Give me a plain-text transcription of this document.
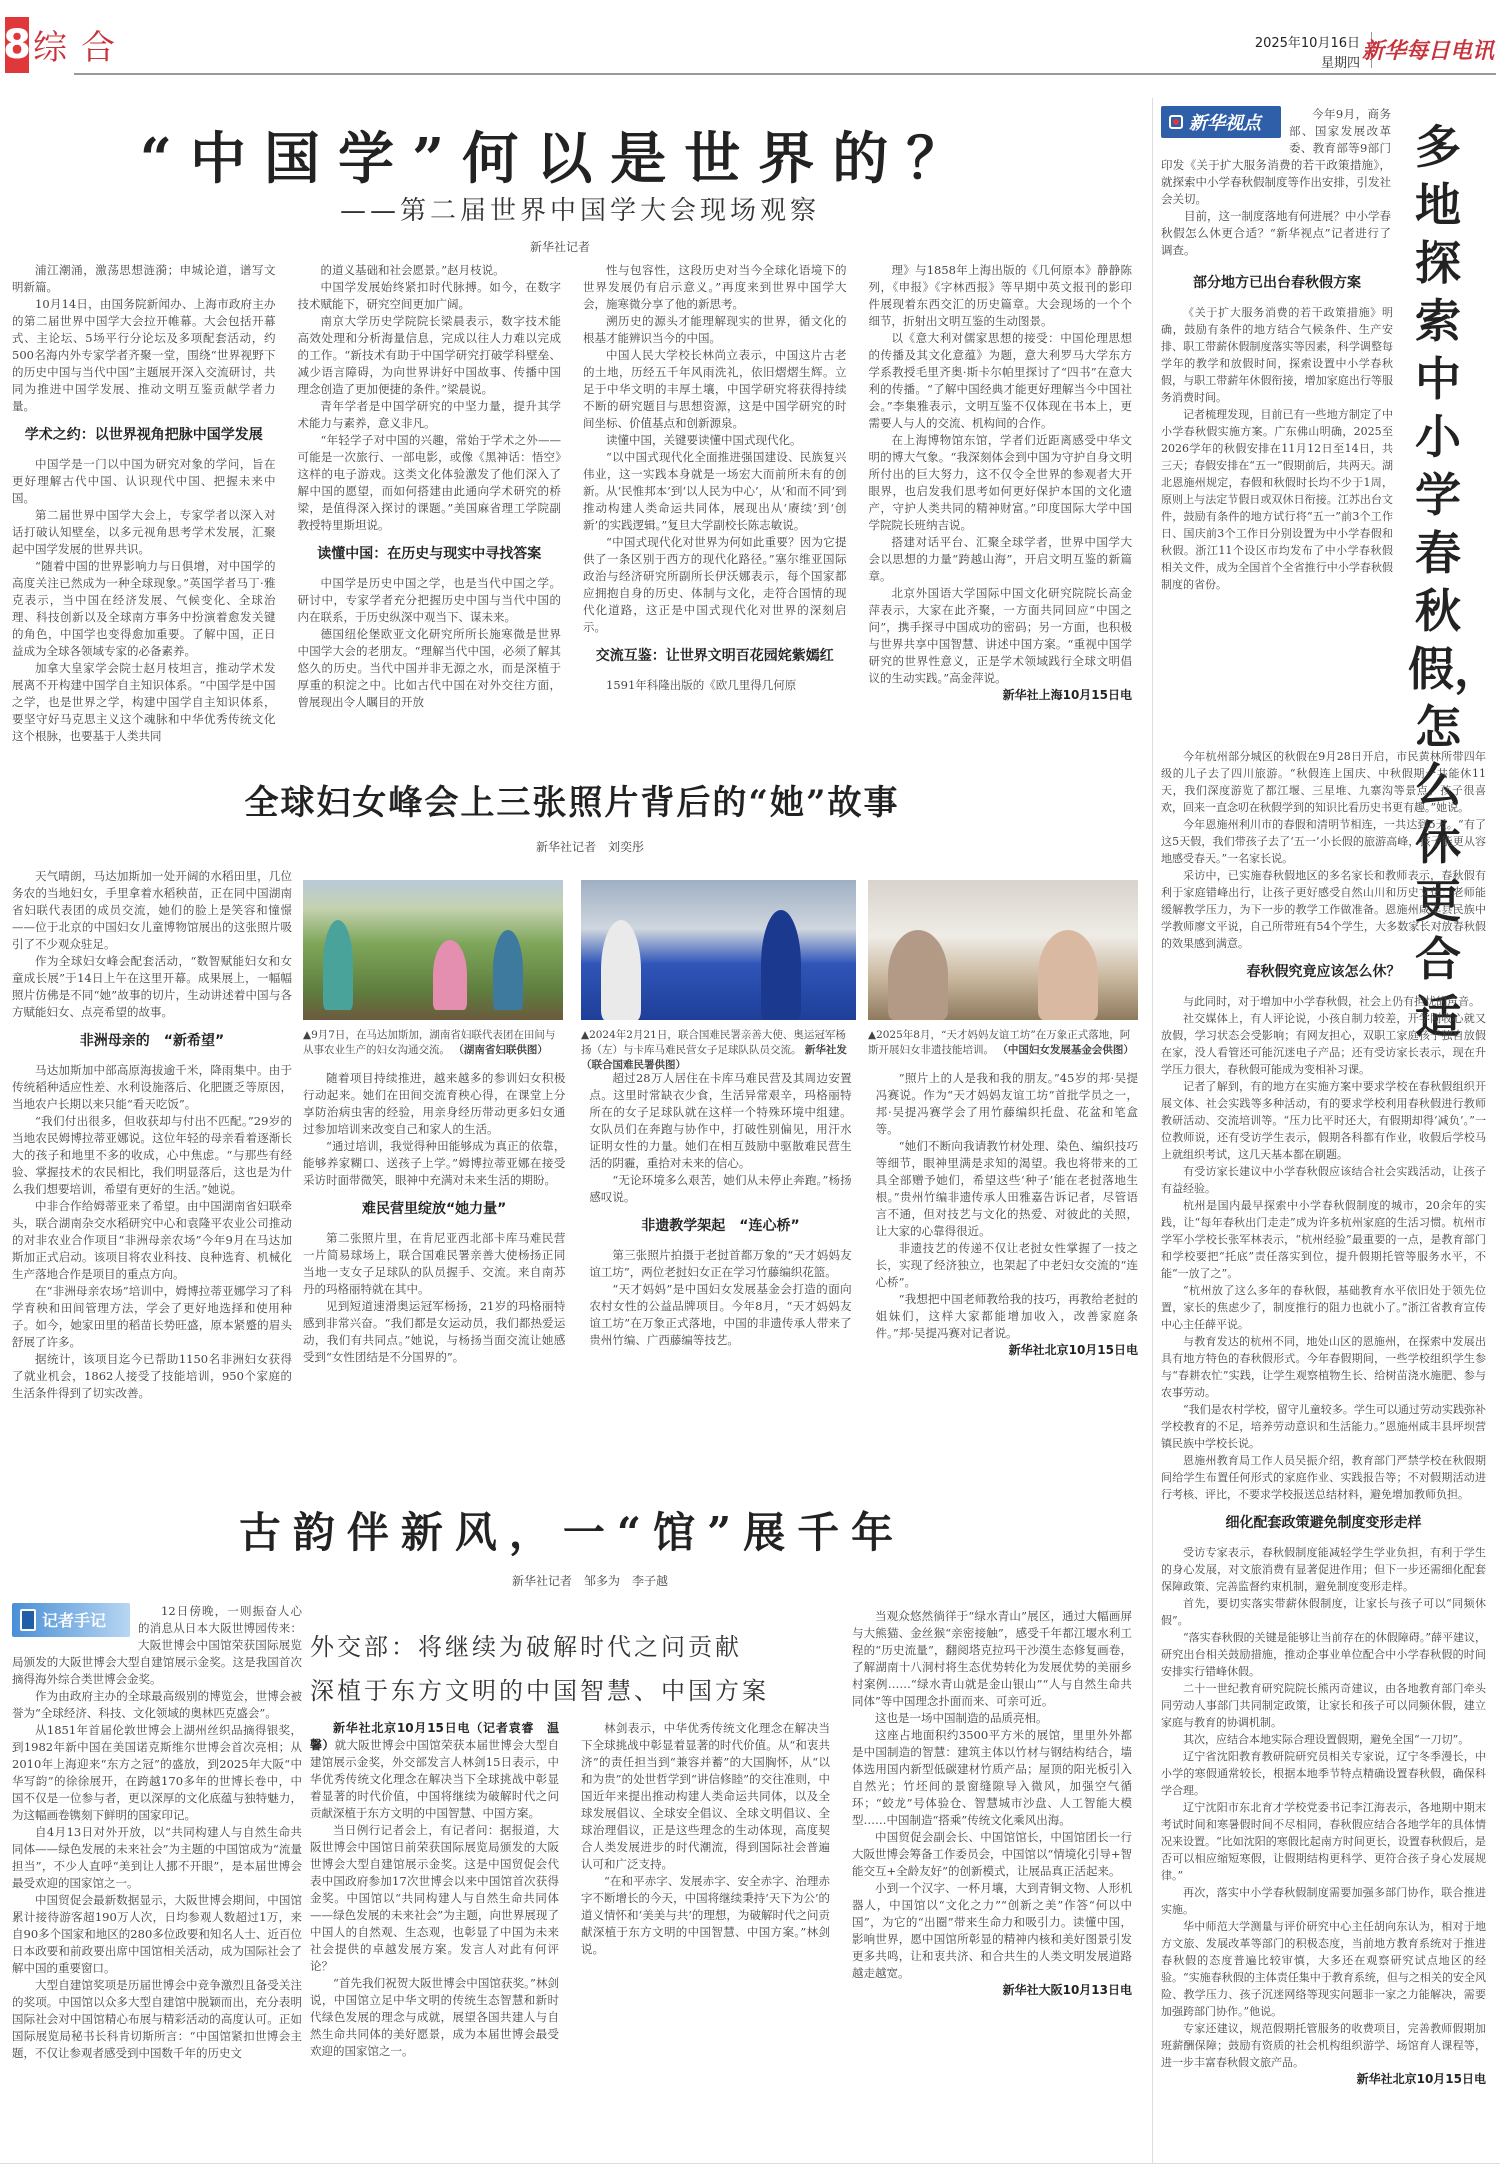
8 综合	2025年10月16日
星期四 新华每日电讯
“中国学”何以是世界的？
——第二届世界中国学大会现场观察
新华社记者

浦江潮涌，激荡思想涟漪；申城论道，谱写文明新篇。

10月14日，由国务院新闻办、上海市政府主办的第二届世界中国学大会拉开帷幕。大会包括开幕式、主论坛、5场平行分论坛及多项配套活动，约500名海内外专家学者齐聚一堂，围绕“世界视野下的历史中国与当代中国”主题展开深入交流研讨，共同为推进中国学发展、推动文明互鉴贡献学者力量。

学术之约：以世界视角把脉中国学发展

中国学是一门以中国为研究对象的学问，旨在更好理解古代中国、认识现代中国、把握未来中国。

第二届世界中国学大会上，专家学者以深入对话打破认知壁垒，以多元视角思考学术发展，汇聚起中国学发展的世界共识。

“随着中国的世界影响力与日俱增，对中国学的高度关注已然成为一种全球现象。”英国学者马丁·雅克表示，当中国在经济发展、气候变化、全球治理、科技创新以及全球南方事务中扮演着愈发关键的角色，中国学也变得愈加重要。了解中国，正日益成为全球各领域专家的必备素养。

加拿大皇家学会院士赵月枝坦言，推动学术发展离不开构建中国学自主知识体系。“中国学是中国之学，也是世界之学，构建中国学自主知识体系，要坚守好马克思主义这个魂脉和中华优秀传统文化这个根脉，也要基于人类共同

的道义基础和社会愿景。”赵月枝说。

中国学发展始终紧扣时代脉搏。如今，在数字技术赋能下，研究空间更加广阔。

南京大学历史学院院长梁晨表示，数字技术能高效处理和分析海量信息，完成以往人力难以完成的工作。“新技术有助于中国学研究打破学科壁垒、减少语言障碍，为向世界讲好中国故事、传播中国理念创造了更加便捷的条件。”梁晨说。

青年学者是中国学研究的中坚力量，提升其学术能力与素养，意义非凡。

“年轻学子对中国的兴趣，常始于学术之外——可能是一次旅行、一部电影，或像《黑神话：悟空》这样的电子游戏。这类文化体验激发了他们深入了解中国的愿望，而如何搭建由此通向学术研究的桥梁，是值得深入探讨的课题。”美国麻省理工学院副教授特里斯坦说。

读懂中国：在历史与现实中寻找答案

中国学是历史中国之学，也是当代中国之学。研讨中，专家学者充分把握历史中国与当代中国的内在联系，于历史纵深中观当下、谋未来。

德国纽伦堡欧亚文化研究所所长施寒微是世界中国学大会的老朋友。“理解当代中国，必须了解其悠久的历史。当代中国并非无源之水，而是深植于厚重的积淀之中。比如古代中国在对外交往方面，曾展现出令人瞩目的开放

性与包容性，这段历史对当今全球化语境下的世界发展仍有启示意义。”再度来到世界中国学大会，施寒微分享了他的新思考。

溯历史的源头才能理解现实的世界，循文化的根基才能辨识当今的中国。

中国人民大学校长林尚立表示，中国这片古老的土地，历经五千年风雨洗礼，依旧熠熠生辉。立足于中华文明的丰厚土壤，中国学研究将获得持续不断的研究题目与思想资源，这是中国学研究的时间坐标、价值基点和创新源泉。

读懂中国，关键要读懂中国式现代化。

“以中国式现代化全面推进强国建设、民族复兴伟业，这一实践本身就是一场宏大而前所未有的创新。从‘民惟邦本’到‘以人民为中心’，从‘和而不同’到推动构建人类命运共同体，展现出从‘赓续’到‘创新’的实践逻辑。”复旦大学副校长陈志敏说。

“中国式现代化对世界为何如此重要？因为它提供了一条区别于西方的现代化路径。”塞尔维亚国际政治与经济研究所副所长伊沃娜表示，每个国家都应拥抱自身的历史、体制与文化，走符合国情的现代化道路，这正是中国式现代化对世界的深刻启示。

交流互鉴：让世界文明百花园姹紫嫣红

1591年科隆出版的《欧几里得几何原

理》与1858年上海出版的《几何原本》静静陈列，《申报》《字林西报》等早期中英文报刊的影印件展现着东西交汇的历史篇章。大会现场的一个个细节，折射出文明互鉴的生动图景。

以《意大利对儒家思想的接受：中国伦理思想的传播及其文化意蕴》为题，意大利罗马大学东方学系教授毛里齐奥·斯卡尔帕里探讨了“四书”在意大利的传播。“了解中国经典才能更好理解当今中国社会。”李集雅表示，文明互鉴不仅体现在书本上，更需要人与人的交流、机构间的合作。

在上海博物馆东馆，学者们近距离感受中华文明的博大气象。“我深刻体会到中国为守护自身文明所付出的巨大努力，这不仅令全世界的参观者大开眼界，也启发我们思考如何更好保护本国的文化遗产，守护人类共同的精神财富。”印度国际大学中国学院院长班纳吉说。

搭建对话平台、汇聚全球学者，世界中国学大会以思想的力量“跨越山海”，开启文明互鉴的新篇章。

北京外国语大学国际中国文化研究院院长高金萍表示，大家在此齐聚，一方面共同回应“中国之问”，携手探寻中国成功的密码；另一方面，也积极与世界共享中国智慧、讲述中国方案。“重视中国学研究的世界性意义，正是学术领域践行全球文明倡议的生动实践。”高金萍说。

新华社上海10月15日电
新华视点	今年9月，商务部、国家发展改革委、教育部等9部门印发《关于扩大服务消费的若干政策措施》，就探索中小学春秋假制度等作出安排，引发社会关切。

目前，这一制度落地有何进展？中小学春秋假怎么休更合适？“新华视点”记者进行了调查。

多地探索中小学春秋假，怎么休更合适
部分地方已出台春秋假方案

《关于扩大服务消费的若干政策措施》明确，鼓励有条件的地方结合气候条件、生产安排、职工带薪休假制度落实等因素，科学调整每学年的教学和放假时间，探索设置中小学春秋假，与职工带薪年休假衔接，增加家庭出行等服务消费时间。

记者梳理发现，目前已有一些地方制定了中小学春秋假实施方案。广东佛山明确，2025至2026学年的秋假安排在11月12日至14日，共三天；春假安排在“五一”假期前后，共两天。湖北恩施州规定，春假和秋假时长均不少于1周，原则上与法定节假日或双休日衔接。江苏出台文件，鼓励有条件的地方试行将“五一”前3个工作日、国庆前3个工作日分别设置为中小学春假和秋假。浙江11个设区市均发布了中小学春秋假相关文件，成为全国首个全省推行中小学春秋假制度的省份。

今年杭州部分城区的秋假在9月28日开启，市民黄林所带四年级的儿子去了四川旅游。“秋假连上国庆、中秋假期一共能休11天，我们深度游览了都江堰、三星堆、九寨沟等景点。孩子很喜欢，回来一直念叨在秋假学到的知识比看历史书更有趣。”她说。

今年恩施州利川市的春假和清明节相连，一共达到5天。“有了这5天假，我们带孩子去了‘五一’小长假的旅游高峰，孩子能更从容地感受春天。”一名家长说。

采访中，已实施春秋假地区的多名家长和教师表示，春秋假有利于家庭错峰出行，让孩子更好感受自然山川和历史文化；老师能缓解教学压力，为下一步的教学工作做准备。恩施州咸丰县民族中学教师廖文平说，自己所带班有54个学生，大多数家长对放春秋假的效果感到满意。

春秋假究竟应该怎么休？

与此同时，对于增加中小学春秋假，社会上仍有担忧的声音。

社交媒体上，有人评论说，小孩自制力较差，开学刚收心就又放假，学习状态会受影响；有网友担心，双职工家庭孩子独自放假在家，没人看管还可能沉迷电子产品；还有受访家长表示，现在升学压力很大，春秋假可能成为变相补习课。

记者了解到，有的地方在实施方案中要求学校在春秋假组织开展文体、社会实践等多种活动，有的要求学校利用春秋假进行教师教研活动、交流培训等。“压力比平时还大，有假期却得‘减负’。”一位教师说，还有受访学生表示，假期各科都有作业，收假后学校马上就组织考试，这几天基本都在刷题。

有受访家长建议中小学春秋假应该结合社会实践活动，让孩子有益经验。

杭州是国内最早探索中小学春秋假制度的城市，20余年的实践，让“每年春秋出门走走”成为许多杭州家庭的生活习惯。杭州市学军小学校长张军林表示，“杭州经验”最重要的一点，是教育部门和学校要把“托底”责任落实到位，提升假期托管等服务水平，不能“一放了之”。

“杭州放了这么多年的春秋假，基础教育水平依旧处于领先位置，家长的焦虑少了，制度推行的阻力也就小了。”浙江省教育宣传中心主任薛平说。

与教育发达的杭州不同，地处山区的恩施州，在探索中发展出具有地方特色的春秋假形式。今年春假期间，一些学校组织学生参与“春耕农忙”实践，让学生观察植物生长、给树苗浇水施肥、参与农事劳动。

“我们是农村学校，留守儿童较多。学生可以通过劳动实践弥补学校教育的不足，培养劳动意识和生活能力。”恩施州咸丰县坪坝营镇民族中学校长说。

恩施州教育局工作人员吴振介绍，教育部门严禁学校在秋假期间给学生布置任何形式的家庭作业、实践报告等；不对假期活动进行考核、评比，不要求学校报送总结材料，避免增加教师负担。

细化配套政策避免制度变形走样

受访专家表示，春秋假制度能减轻学生学业负担，有利于学生的身心发展，对文旅消费有显著促进作用；但下一步还需细化配套保障政策、完善监督约束机制，避免制度变形走样。

首先，要切实落实带薪休假制度，让家长与孩子可以“同频休假”。

“落实春秋假的关键是能够让当前存在的休假障碍。”薛平建议，研究出台相关鼓励措施，推动企事业单位配合中小学春秋假的时间安排实行错峰休假。

二十一世纪教育研究院院长熊丙奇建议，由各地教育部门牵头同劳动人事部门共同制定政策，让家长和孩子可以同频休假，建立家庭与教育的协调机制。

其次，应结合本地实际合理设置假期，避免全国“一刀切”。

辽宁省沈阳教育教研院研究员相关专家说，辽宁冬季漫长，中小学的寒假通常较长，根据本地季节特点精确设置春秋假，确保科学合理。

辽宁沈阳市东北育才学校党委书记李江海表示，各地期中期末考试时间和寒暑假时间不尽相同，春秋假应结合各地学年的具体情况来设置。“比如沈阳的寒假比起南方时间更长，设置春秋假后，是否可以相应缩短寒假，让假期结构更科学、更符合孩子身心发展规律。”

再次，落实中小学春秋假制度需要加强多部门协作，联合推进实施。

华中师范大学测量与评价研究中心主任胡向东认为，相对于地方文旅、发展改革等部门的积极态度，当前地方教育系统对于推进春秋假的态度普遍比较审慎，大多还在观察研究试点地区的经验。“实施春秋假的主体责任集中于教育系统，但与之相关的安全风险、教学压力、孩子沉迷网络等现实问题非一家之力能解决，需要加强跨部门协作。”他说。

专家还建议，规范假期托管服务的收费项目，完善教师假期加班薪酬保障；鼓励有资质的社会机构组织游学、场馆育人课程等，进一步丰富春秋假文旅产品。

新华社北京10月15日电
全球妇女峰会上三张照片背后的“她”故事
新华社记者　刘奕彤

天气晴朗，马达加斯加一处开阔的水稻田里，几位务农的当地妇女，手里拿着水稻秧苗，正在同中国湖南省妇联代表团的成员交流，她们的脸上是笑容和憧憬——位于北京的中国妇女儿童博物馆展出的这张照片吸引了不少观众驻足。

作为全球妇女峰会配套活动，“数智赋能妇女和女童成长展”于14日上午在这里开幕。成果展上，一幅幅照片仿佛是不同“她”故事的切片，生动讲述着中国与各方赋能妇女、点亮希望的故事。

非洲母亲的　“新希望”

马达加斯加中部高原海拔逾千米，降雨集中。由于传统稻种适应性差、水利设施落后、化肥匮乏等原因，当地农户长期以来只能“看天吃饭”。

“我们付出很多，但收获却与付出不匹配。”29岁的当地农民姆博拉蒂亚娜说。这位年轻的母亲看着逐渐长大的孩子和地里不多的收成，心中焦虑。“与那些有经验、掌握技术的农民相比，我们明显落后，这也是为什么我们想要培训，希望有更好的生活。”她说。

中非合作给姆蒂亚来了希望。由中国湖南省妇联牵头，联合湖南杂交水稻研究中心和袁隆平农业公司推动的对非农业合作项目“非洲母亲农场”今年9月在马达加斯加正式启动。该项目将农业科技、良种选育、机械化生产落地合作是项目的重点方向。

在“非洲母亲农场”培训中，姆博拉蒂亚娜学习了科学育秧和田间管理方法，学会了更好地选择和使用种子。如今，她家田里的稻苗长势旺盛，原本紧蹙的眉头舒展了许多。

据统计，该项目迄今已帮助1150名非洲妇女获得了就业机会，1862人接受了技能培训，950个家庭的生活条件得到了切实改善。

▲9月7日，在马达加斯加，湖南省妇联代表团在田间与从事农业生产的妇女沟通交流。 （湖南省妇联供图）
▲2024年2月21日，联合国难民署亲善大使、奥运冠军杨扬（左）与卡库马难民营女子足球队队员交流。 新华社发（联合国难民署供图）
▲2025年8月，“天才妈妈友谊工坊”在万象正式落地，阿斯开展妇女非遗技能培训。 （中国妇女发展基金会供图）

随着项目持续推进，越来越多的参训妇女积极行动起来。她们在田间交流育秧心得，在课堂上分享防治病虫害的经验，用亲身经历带动更多妇女通过参加培训来改变自己和家人的生活。

“通过培训，我觉得种田能够成为真正的依靠，能够养家糊口、送孩子上学。”姆博拉蒂亚娜在接受采访时面带微笑，眼神中充满对未来生活的期盼。

难民营里绽放“她力量”

第二张照片里，在肯尼亚西北部卡库马难民营一片简易球场上，联合国难民署亲善大使杨扬正同当地一支女子足球队的队员握手、交流。来自南苏丹的玛格丽特就在其中。

见到短道速滑奥运冠军杨扬，21岁的玛格丽特感到非常兴奋。“我们都是女运动员，我们都热爱运动，我们有共同点。”她说，与杨扬当面交流让她感受到“女性团结是不分国界的”。

超过28万人居住在卡库马难民营及其周边安置点。这里时常缺衣少食，生活异常艰辛，玛格丽特所在的女子足球队就在这样一个特殊环境中组建。女队员们在奔跑与协作中，打破性别偏见，用汗水证明女性的力量。她们在相互鼓励中驱散难民营生活的阴霾，重拾对未来的信心。

“无论环境多么艰苦，她们从未停止奔跑。”杨扬感叹说。

非遗教学架起　“连心桥”

第三张照片拍摄于老挝首都万象的“天才妈妈友谊工坊”，两位老挝妇女正在学习竹藤编织花篮。

“天才妈妈”是中国妇女发展基金会打造的面向农村女性的公益品牌项目。今年8月，“天才妈妈友谊工坊”在万象正式落地，中国的非遗传承人带来了贵州竹编、广西藤编等技艺。

“照片上的人是我和我的朋友。”45岁的邦·吴提冯赛说。作为“天才妈妈友谊工坊”首批学员之一，邦·吴提冯赛学会了用竹藤编织托盘、花盆和笔盒等。

“她们不断向我请教竹材处理、染色、编织技巧等细节，眼神里满是求知的渴望。我也将带来的工具全部赠予她们，希望这些‘种子’能在老挝落地生根。”贵州竹编非遗传承人田雅嘉告诉记者，尽管语言不通，但对技艺与文化的热爱、对彼此的关照，让大家的心靠得很近。

非遗技艺的传递不仅让老挝女性掌握了一技之长，实现了经济独立，也架起了中老妇女交流的“连心桥”。

“我想把中国老师教给我的技巧，再教给老挝的姐妹们，这样大家都能增加收入，改善家庭条件。”邦·吴提冯赛对记者说。

新华社北京10月15日电
古韵伴新风，一“馆”展千年
新华社记者　邹多为　李子越
记者手记	12日傍晚，一则振奋人心的消息从日本大阪世博园传来：大阪世博会中国馆荣获国际展览局颁发的大阪世博会大型自建馆展示金奖。这是我国首次摘得海外综合类世博会金奖。

作为由政府主办的全球最高级别的博览会，世博会被誉为“全球经济、科技、文化领域的奥林匹克盛会”。

从1851年首届伦敦世博会上湖州丝织品摘得银奖，到1982年新中国在美国诺克斯维尔世博会首次亮相；从2010年上海迎来“东方之冠”的盛放，到2025年大阪“中华写韵”的徐徐展开，在跨越170多年的世博长卷中，中国不仅是一位参与者，更以深厚的文化底蕴与独特魅力，为这幅画卷镌刻下鲜明的国家印记。

自4月13日对外开放，以“共同构建人与自然生命共同体——绿色发展的未来社会”为主题的中国馆成为“流量担当”，不少人直呼“美到让人挪不开眼”，是本届世博会最受欢迎的国家馆之一。

中国贸促会最新数据显示，大阪世博会期间，中国馆累计接待游客超190万人次，日均参观人数超过1万，来自90多个国家和地区的280多位政要和知名人士、近百位日本政要和前政要出席中国馆相关活动，成为国际社会了解中国的重要窗口。

大型自建馆奖项是历届世博会中竞争激烈且备受关注的奖项。中国馆以众多大型自建馆中脱颖而出，充分表明国际社会对中国馆精心布展与精彩活动的高度认可。正如国际展览局秘书长科肯切斯所言：“中国馆紧扣世博会主题，不仅让参观者感受到中国数千年的历史文

外交部：将继续为破解时代之问贡献
深植于东方文明的中国智慧、中国方案

新华社北京10月15日电（记者袁睿　温馨）就大阪世博会中国馆荣获本届世博会大型自建馆展示金奖，外交部发言人林剑15日表示，中华优秀传统文化理念在解决当下全球挑战中彰显着显著的时代价值，中国将继续为破解时代之问贡献深植于东方文明的中国智慧、中国方案。

当日例行记者会上，有记者问：据报道，大阪世博会中国馆日前荣获国际展览局颁发的大阪世博会大型自建馆展示金奖。这是中国贸促会代表中国政府参加17次世博会以来中国馆首次获得金奖。中国馆以“共同构建人与自然生命共同体——绿色发展的未来社会”为主题，向世界展现了中国人的自然观、生态观，也彰显了中国为未来社会提供的卓越发展方案。发言人对此有何评论？

“首先我们祝贺大阪世博会中国馆获奖。”林剑说，中国馆立足中华文明的传统生态智慧和新时代绿色发展的理念与成就，展望各国共建人与自然生命共同体的美好愿景，成为本届世博会最受欢迎的国家馆之一。

林剑表示，中华优秀传统文化理念在解决当下全球挑战中彰显着显著的时代价值。从“和衷共济”的责任担当到“兼容并蓄”的大国胸怀，从“以和为贵”的处世哲学到“讲信修睦”的交往准则，中国近年来提出推动构建人类命运共同体，以及全球发展倡议、全球安全倡议、全球文明倡议、全球治理倡议，正是这些理念的生动体现，高度契合人类发展进步的时代潮流，得到国际社会普遍认可和广泛支持。

“在和平赤字、发展赤字、安全赤字、治理赤字不断增长的今天，中国将继续秉持‘天下为公’的道义情怀和‘美美与共’的理想，为破解时代之问贡献深植于东方文明的中国智慧、中国方案。”林剑说。

当观众悠然徜徉于“绿水青山”展区，通过大幅画屏与大熊猫、金丝猴“亲密接触”，感受千年都江堰水利工程的“历史流量”，翻阅塔克拉玛干沙漠生态修复画卷，了解湖南十八洞村将生态优势转化为发展优势的美丽乡村案例……“绿水青山就是金山银山”“人与自然生命共同体”等中国理念扑面而来、可亲可近。

这也是一场中国制造的品质亮相。

这座占地面积约3500平方米的展馆，里里外外都是中国制造的智慧：建筑主体以竹材与钢结构结合，墙体选用国内新型低碳建材竹质产品；屋顶的阳光板引入自然光；竹坯间的景窗缝隙导入微风，加强空气循环；“蛟龙”号体验仓、智慧城市沙盘、人工智能大模型……中国制造“搭乘”传统文化乘风出海。

中国贸促会副会长、中国馆馆长，中国馆团长一行大阪世博会筹备工作委员会，中国馆以“情境化引导+智能交互+全龄友好”的创新模式，让展品真正活起来。

小到一个汉字、一杯月壤，大到青铜文物、人形机器人，中国馆以“文化之力”“创新之美”作答“何以中国”，为它的“出圈”带来生命力和吸引力。读懂中国，影响世界，愿中国馆所彰显的精神内核和美好图景引发更多共鸣，让和衷共济、和合共生的人类文明发展道路越走越宽。

新华社大阪10月13日电
